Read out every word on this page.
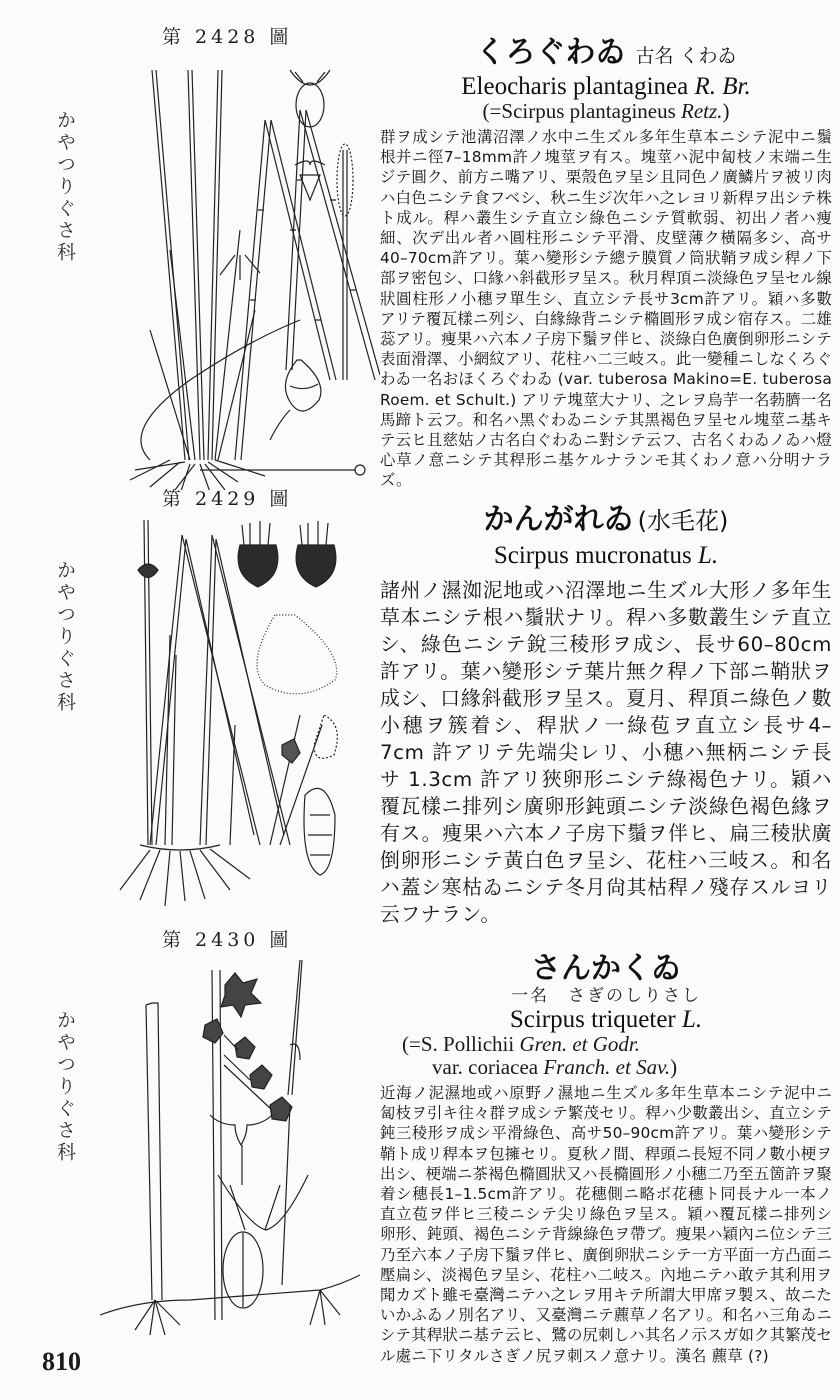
第 2428 圖
かやつりぐさ科
くろぐわゐ 古名 くわゐ
Eleocharis plantaginea R. Br.
(=Scirpus plantagineus Retz.)
群ヲ成シテ池溝沼澤ノ水中ニ生ズル多年生草本ニシテ泥中ニ鬚根并ニ徑7–18mm許ノ塊莖ヲ有ス。塊莖ハ泥中匐枝ノ末端ニ生ジテ圓ク、前方ニ嘴アリ、栗殼色ヲ呈シ且同色ノ廣鱗片ヲ被リ肉ハ白色ニシテ食フベシ、秋ニ生ジ次年ハ之レヨリ新稈ヲ出シテ株ト成ル。稈ハ叢生シテ直立シ綠色ニシテ質軟弱、初出ノ者ハ痩細、次デ出ル者ハ圓柱形ニシテ平滑、皮壁薄ク橫隔多シ、高サ40–70cm許アリ。葉ハ變形シテ總テ膜質ノ筒狀鞘ヲ成シ稈ノ下部ヲ密包シ、口緣ハ斜截形ヲ呈ス。秋月稈頂ニ淡綠色ヲ呈セル線狀圓柱形ノ小穗ヲ單生シ、直立シテ長サ3cm許アリ。穎ハ多數アリテ覆瓦樣ニ列シ、白緣綠背ニシテ橢圓形ヲ成シ宿存ス。二雄蕊アリ。痩果ハ六本ノ子房下鬚ヲ伴ヒ、淡綠白色廣倒卵形ニシテ表面滑澤、小網紋アリ、花柱ハ二三岐ス。此一變種ニしなくろぐわゐ一名おほくろぐわゐ (var. tuberosa Makino=E. tuberosa Roem. et Schult.) アリテ塊莖大ナリ、之レヲ烏芋一名葧臍一名馬蹄ト云フ。和名ハ黑ぐわゐニシテ其黑褐色ヲ呈セル塊莖ニ基キテ云ヒ且慈姑ノ古名白ぐわゐニ對シテ云フ、古名くわゐノゐハ燈心草ノ意ニシテ其稈形ニ基ケルナランモ其くわノ意ハ分明ナラズ。
第 2429 圖
かやつりぐさ科
かんがれゐ (水毛花)
Scirpus mucronatus L.
諸州ノ濕洳泥地或ハ沼澤地ニ生ズル大形ノ多年生草本ニシテ根ハ鬚狀ナリ。稈ハ多數叢生シテ直立シ、綠色ニシテ銳三稜形ヲ成シ、長サ60–80cm許アリ。葉ハ變形シテ葉片無ク稈ノ下部ニ鞘狀ヲ成シ、口緣斜截形ヲ呈ス。夏月、稈頂ニ綠色ノ數小穗ヲ簇着シ、稈狀ノ一綠苞ヲ直立シ長サ4–7cm 許アリテ先端尖レリ、小穗ハ無柄ニシテ長サ 1.3cm 許アリ狹卵形ニシテ綠褐色ナリ。穎ハ覆瓦樣ニ排列シ廣卵形鈍頭ニシテ淡綠色褐色緣ヲ有ス。痩果ハ六本ノ子房下鬚ヲ伴ヒ、扁三稜狀廣倒卵形ニシテ黃白色ヲ呈シ、花柱ハ三岐ス。和名ハ蓋シ寒枯ゐニシテ冬月尙其枯稈ノ殘存スルヨリ云フナラン。
第 2430 圖
かやつりぐさ科
さんかくゐ
一名　さぎのしりさし
Scirpus triqueter L.
(=S. Pollichii Gren. et Godr.
var. coriacea Franch. et Sav.)
近海ノ泥濕地或ハ原野ノ濕地ニ生ズル多年生草本ニシテ泥中ニ匐枝ヲ引キ往々群ヲ成シテ繁茂セリ。稈ハ少數叢出シ、直立シテ鈍三稜形ヲ成シ平滑綠色、高サ50–90cm許アリ。葉ハ變形シテ鞘ト成リ稈本ヲ包擁セリ。夏秋ノ間、稈頭ニ長短不同ノ數小梗ヲ出シ、梗端ニ茶褐色橢圓狀又ハ長橢圓形ノ小穗二乃至五箇許ヲ聚着シ穗長1–1.5cm許アリ。花穗側ニ略ボ花穗ト同長ナル一本ノ直立苞ヲ伴ヒ三稜ニシテ尖リ綠色ヲ呈ス。穎ハ覆瓦樣ニ排列シ卵形、鈍頭、褐色ニシテ背線綠色ヲ帶ブ。痩果ハ穎內ニ位シテ三乃至六本ノ子房下鬚ヲ伴ヒ、廣倒卵狀ニシテ一方平面一方凸面ニ壓扁シ、淡褐色ヲ呈シ、花柱ハ二岐ス。內地ニテハ敢テ其利用ヲ聞カズト雖モ臺灣ニテハ之レヲ用キテ所謂大甲席ヲ製ス、故ニたいかふゐノ別名アリ、又臺灣ニテ藨草ノ名アリ。和名ハ三角ゐニシテ其稈狀ニ基テ云ヒ、鷺の尻刺しハ其名ノ示スガ如ク其繁茂セル處ニ下リタルさぎノ尻ヲ刺スノ意ナリ。漢名 藨草 (?)
810
